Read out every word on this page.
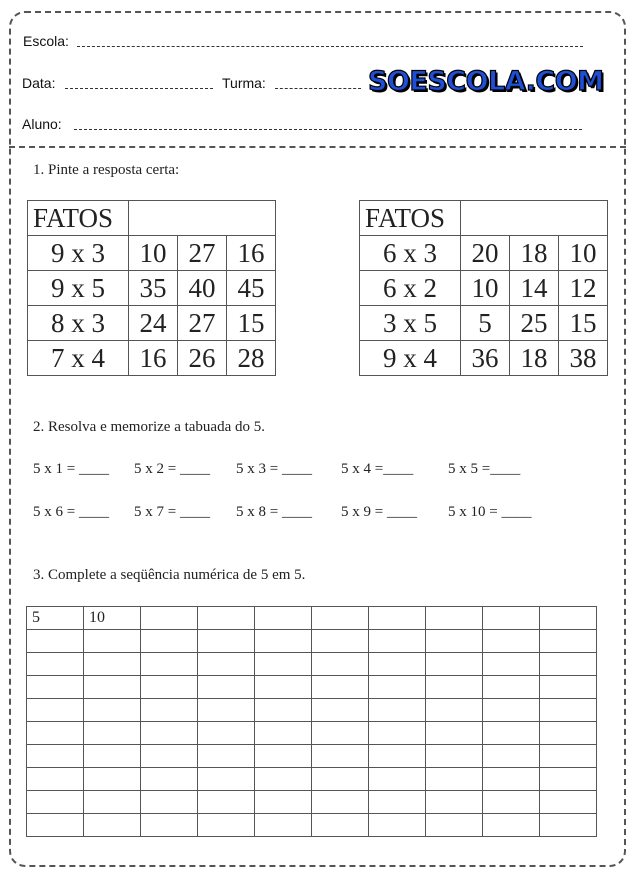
Escola:
Data:	Turma:	SOESCOLA.COM
Aluno:
1. Pinte a resposta certa:
FATOS			
9 x 3	10	27	16
9 x 5	35	40	45
8 x 3	24	27	15
7 x 4	16	26	28
FATOS			
6 x 3	20	18	10
6 x 2	10	14	12
3 x 5	5	25	15
9 x 4	36	18	38
2. Resolva e memorize a tabuada do 5.
5 x 1 = ____ 5 x 2 = ____ 5 x 3 = ____ 5 x 4 =____ 5 x 5 =____
5 x 6 = ____ 5 x 7 = ____ 5 x 8 = ____ 5 x 9 = ____ 5 x 10 = ____
3. Complete a seqüência numérica de 5 em 5.
5	10								
